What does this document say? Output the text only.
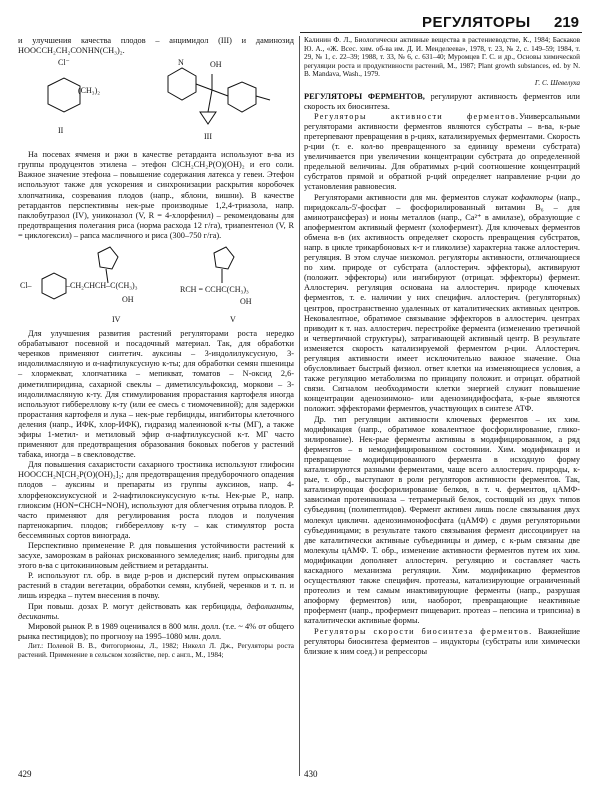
РЕГУЛЯТОРЫ 219

и улучшения качества плодов – анцимидол (III) и даминозид HOOCCH₂CH₂CONHN(CH₃)₂.

Cl⁻
(CH₃)₂
OH
N
II
III

На посевах ячменя и ржи в качестве ретарданта используют в-ва из группы продуцентов этилена – этефон ClCH₂CH₂P(O)(OH)₂ и его соли. Важное значение этефона – повышение содержания латекса у гевеи. Этефон используют также для ускорения и синхронизации раскрытия коробочек хлопчатника, созревания плодов (напр., яблони, вишни). В качестве ретардантов перспективны нек-рые производные 1,2,4-триазола, напр. паклобутразол (IV), униконазол (V, R = 4-хлорфенил) – рекомендованы для предотвращения полегания риса (норма расхода 12 г/га), триапентенол (V, R = циклогексил) – рапса масличного и риса (300–750 г/га).

Cl–	–CH₂CHCH–C(CH₃)₃
OH
RCH = CCHC(CH₃)₃
OH
IV	V

Для улучшения развития растений регуляторами роста нередко обрабатывают посевной и посадочный материал. Так, для обработки черенков применяют синтетич. ауксины – 3-индолилуксусную, 3-индолилмасляную и α-нафтилуксусную к-ты; для обработки семян пшеницы – хлормекват, хлопчатника – мепикват, томатов – N-оксид 2,6-диметилпиридина, сахарной свеклы – диметилсульфоксид, моркови – 3-индолилмасляную к-ту. Для стимулирования прорастания картофеля иногда используют гиббереллову к-ту (или ее смесь с тиомочевиной); для задержки прорастания картофеля и лука – нек-рые гербициды, ингибиторы клеточного деления (напр., ИФК, хлор-ИФК), гидразид малеиновой к-ты (МГ), а также эфиры 1-метил- и метиловый эфир α-нафтилуксусной к-т. МГ часто применяют для предотвращения образования боковых побегов у растений табака, иногда – в свекловодстве.

Для повышения сахаристости сахарного тростника используют глифосин HOOCCH₂N[CH₂P(O)(OH)₂]₂; для предотвращения предуборочного опадения плодов – ауксины и препараты из группы ауксинов, напр. 4-хлорфеноксиуксусной и 2-нафтилоксиуксусную к-ты. Нек-рые Р., напр. глиоксим (HON=CHCH=NOH), используют для облегчения отрыва плодов. Р. часто применяют для регулирования роста плодов и получения партенокарпич. плодов; гиббереллову к-ту – как стимулятор роста бессемянных сортов винограда.

Перспективно применение Р. для повышения устойчивости растений к засухе, заморозкам в районах рискованного земледелия; наиб. пригодны для этого в-ва с цитокининовым действием и ретарданты.

Р. используют гл. обр. в виде р-ров и дисперсий путем опрыскивания растений в стадии вегетации, обработки семян, клубней, черенков и т. п. и лишь изредка – путем внесения в почву.

При повыш. дозах Р. могут действовать как гербициды, дефолианты, десиканты.

Мировой рынок Р. в 1989 оценивался в 800 млн. долл. (т.е. ~ 4% от общего рынка пестицидов); по прогнозу на 1995–1080 млн. долл.

Лит.: Полевой В. В., Фитогормоны, Л., 1982; Никелл Л. Дж., Регуляторы роста растений. Применение в сельском хозяйстве, пер. с англ., М., 1984;

Калинин Ф. Л., Биологически активные вещества в растениеводстве, К., 1984; Баскаков Ю. А., «Ж. Всес. хим. об-ва им. Д. И. Менделеева», 1978, т. 23, № 2, с. 149–59; 1984, т. 29, № 1, с. 22–39; 1988, т. 33, № 6, с. 631–40; Муромцев Г. С. и др., Основы химической регуляции роста и продуктивности растений, М., 1987; Plant growth substances, ed. by N. B. Mandava, Wash., 1979.

Г. С. Шевелуха

РЕГУЛЯТОРЫ ФЕРМЕНТОВ, регулируют активность ферментов или скорость их биосинтеза.

Регуляторы активности ферментов.Универсальными регуляторами активности ферментов являются субстраты – в-ва, к-рые претерпевают превращения в р-циях, катализируемых ферментами. Скорость р-ции (т. е. кол-во превращенного за единицу времени субстрата) увеличивается при увеличении концентрации субстрата до определенной предельной величины. Для обратимых р-ций соотношение концентраций субстратов прямой и обратной р-ций определяет направление р-ции до установления равновесия.

Регуляторами активности для мн. ферментов служат кофакторы (напр., пиридоксаль-5'-фосфат – фосфорилированный витамин В₆ – для аминотрансфераз) и ионы металлов (напр., Ca²⁺ в амилазе), образующие с апоферментом активный фермент (холофермент). Для ключевых ферментов обмена в-в (их активность определяет скорость превращения субстратов, напр. в цикле трикарбоновых к-т и гликолизе) характерна также аллостерич. регуляция. В этом случае низкомол. регуляторы активности, отличающиеся по хим. природе от субстрата (аллостерич. эффекторы), активируют (положит. эффекторы) или ингибируют (отрицат. эффекторы) фермент. Аллостерич. регуляция основана на аллостерич. природе ключевых ферментов, т. е. наличии у них специфич. аллостерич. (регуляторных) центров, пространственно удаленных от каталитических активных центров. Нековалентное, обратимое связывание эффекторов в аллостерич. центрах приводит к т. наз. аллостерич. перестройке фермента (изменению третичной и четвертичной структуры), затрагивающей активный центр. В результате изменяется скорость катализируемой ферментом р-ции. Аллостерич. регуляция активности имеет исключительно важное значение. Она обусловливает быстрый физиол. ответ клетки на изменяющиеся условия, а также регуляцию метаболизма по принципу положит. и отрицат. обратной связи. Сигналом необходимости клетки энергией служит повышение концентрации аденозинмоно- или аденозиндифосфата, к-рые являются положит. эффекторами ферментов, участвующих в синтезе АТФ.

Др. тип регуляции активности ключевых ферментов – их хим. модификация (напр., обратимое ковалентное фосфорилирование, глико-зилирование). Нек-рые ферменты активны в модифицированном, а ряд ферментов – в немодифицированном состоянии. Хим. модификация и превращение модифицированного фермента в исходную форму катализируются разными ферментами, чаще всего аллостерич. природы, к-рые, т. обр., выступают в роли регуляторов активности ферментов. Так, катализирующая фосфорилирование белков, в т. ч. ферментов, цАМФ-зависимая протеинкиназа – тетрамерный белок, состоящий из двух типов субъединиц (полипептидов). Фермент активен лишь после связывания двух молекул цикличн. аденозинмонофосфата (цАМФ) с двумя регуляторными субъединицами; в результате такого связывания фермент диссоциирует на две каталитически активные субъединицы и димер, с к-рым связаны две молекулы цАМФ. Т. обр., изменение активности ферментов путем их хим. модификации дополняет аллостерич. регуляцию и составляет часть каскадного механизма регуляции. Хим. модификацию ферментов осуществляют также специфич. протеазы, катализирующие ограниченный протеолиз и тем самым инактивирующие ферменты (напр., разрушая апоформу ферментов) или, наоборот, превращающие неактивные профермент (напр., профермент пищеварит. протеаз – пепсина и трипсина) в каталитически активные формы.

Регуляторы скорости биосинтеза ферментов. Важнейшие регуляторы биосинтеза ферментов – индукторы (субстраты или химически близкие к ним соед.) и репрессоры

429	430
